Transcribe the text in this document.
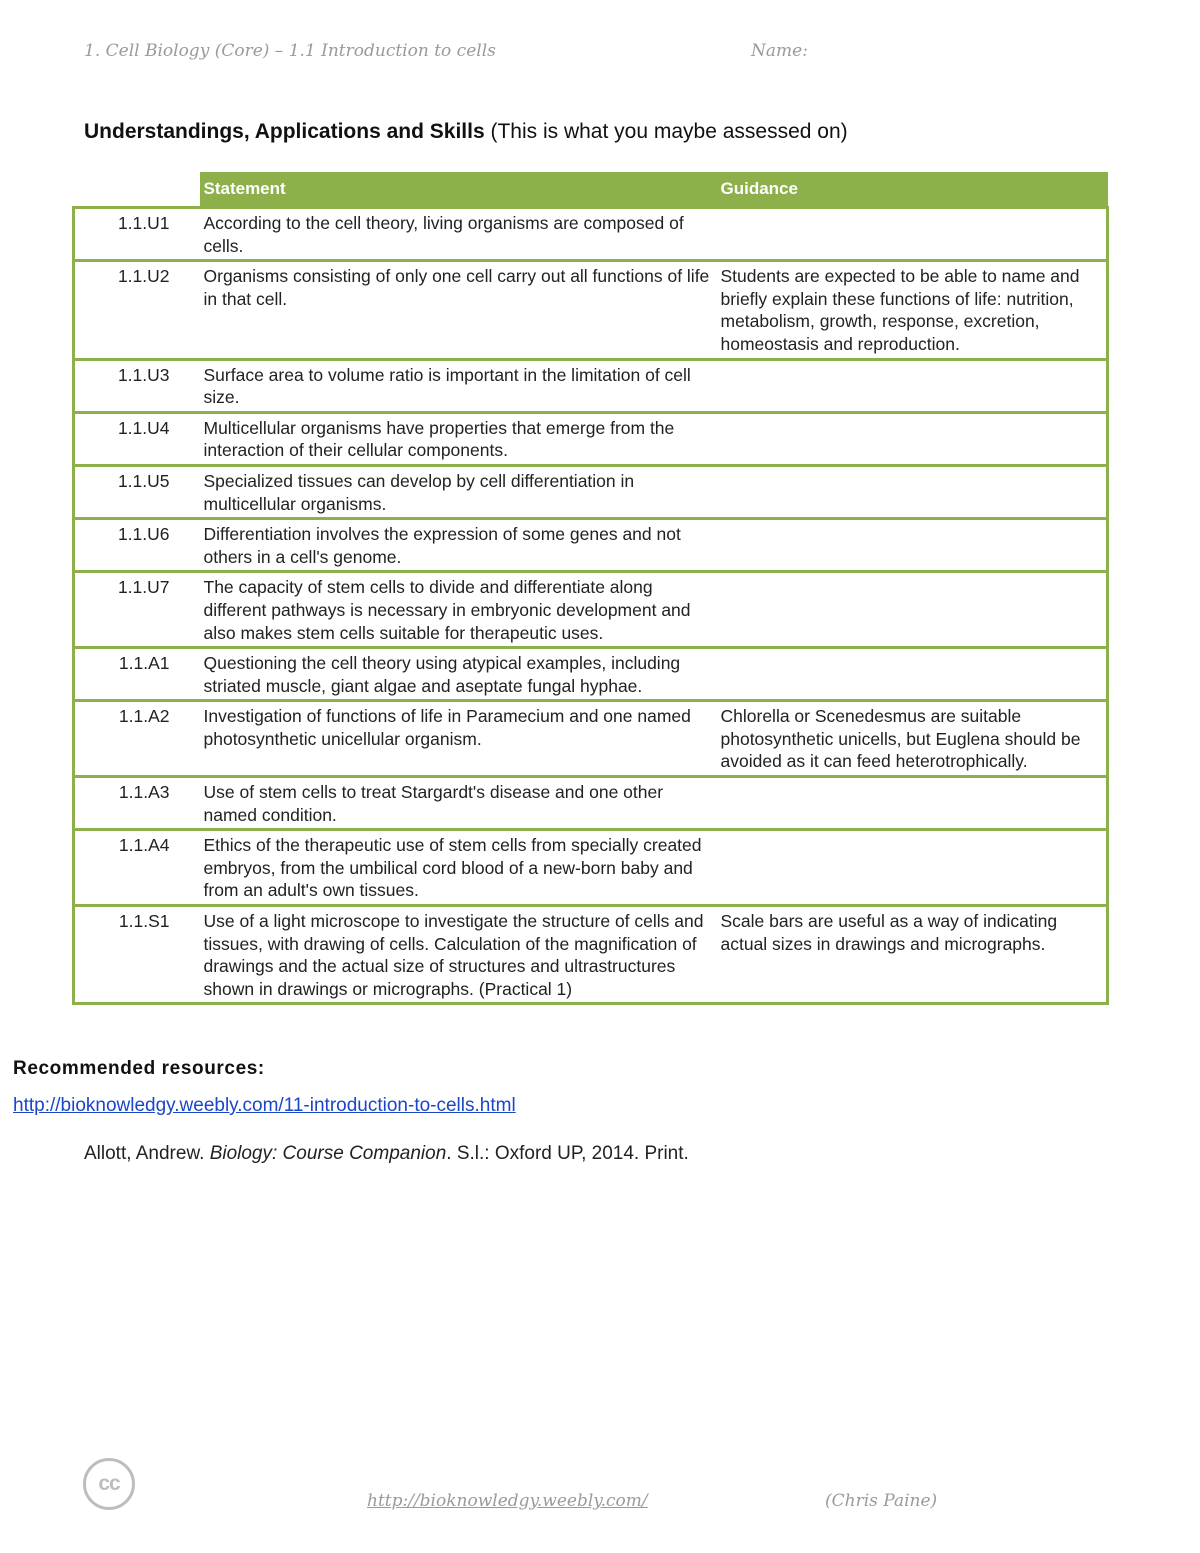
1. Cell Biology (Core) – 1.1 Introduction to cells	Name:
Understandings, Applications and Skills (This is what you maybe assessed on)
	Statement	Guidance
1.1.U1	According to the cell theory, living organisms are composed of cells.	
1.1.U2	Organisms consisting of only one cell carry out all functions of life in that cell.	Students are expected to be able to name and briefly explain these functions of life: nutrition, metabolism, growth, response, excretion, homeostasis and reproduction.
1.1.U3	Surface area to volume ratio is important in the limitation of cell size.	
1.1.U4	Multicellular organisms have properties that emerge from the interaction of their cellular components.	
1.1.U5	Specialized tissues can develop by cell differentiation in multicellular organisms.	
1.1.U6	Differentiation involves the expression of some genes and not others in a cell's genome.	
1.1.U7	The capacity of stem cells to divide and differentiate along different pathways is necessary in embryonic development and also makes stem cells suitable for therapeutic uses.	
1.1.A1	Questioning the cell theory using atypical examples, including striated muscle, giant algae and aseptate fungal hyphae.	
1.1.A2	Investigation of functions of life in Paramecium and one named photosynthetic unicellular organism.	Chlorella or Scenedesmus are suitable photosynthetic unicells, but Euglena should be avoided as it can feed heterotrophically.
1.1.A3	Use of stem cells to treat Stargardt's disease and one other named condition.	
1.1.A4	Ethics of the therapeutic use of stem cells from specially created embryos, from the umbilical cord blood of a new-born baby and from an adult's own tissues.	
1.1.S1	Use of a light microscope to investigate the structure of cells and tissues, with drawing of cells. Calculation of the magnification of drawings and the actual size of structures and ultrastructures shown in drawings or micrographs. (Practical 1)	Scale bars are useful as a way of indicating actual sizes in drawings and micrographs.
Recommended resources:
http://bioknowledgy.weebly.com/11-introduction-to-cells.html
Allott, Andrew. Biology: Course Companion. S.l.: Oxford UP, 2014. Print.
cc
http://bioknowledgy.weebly.com/	(Chris Paine)
